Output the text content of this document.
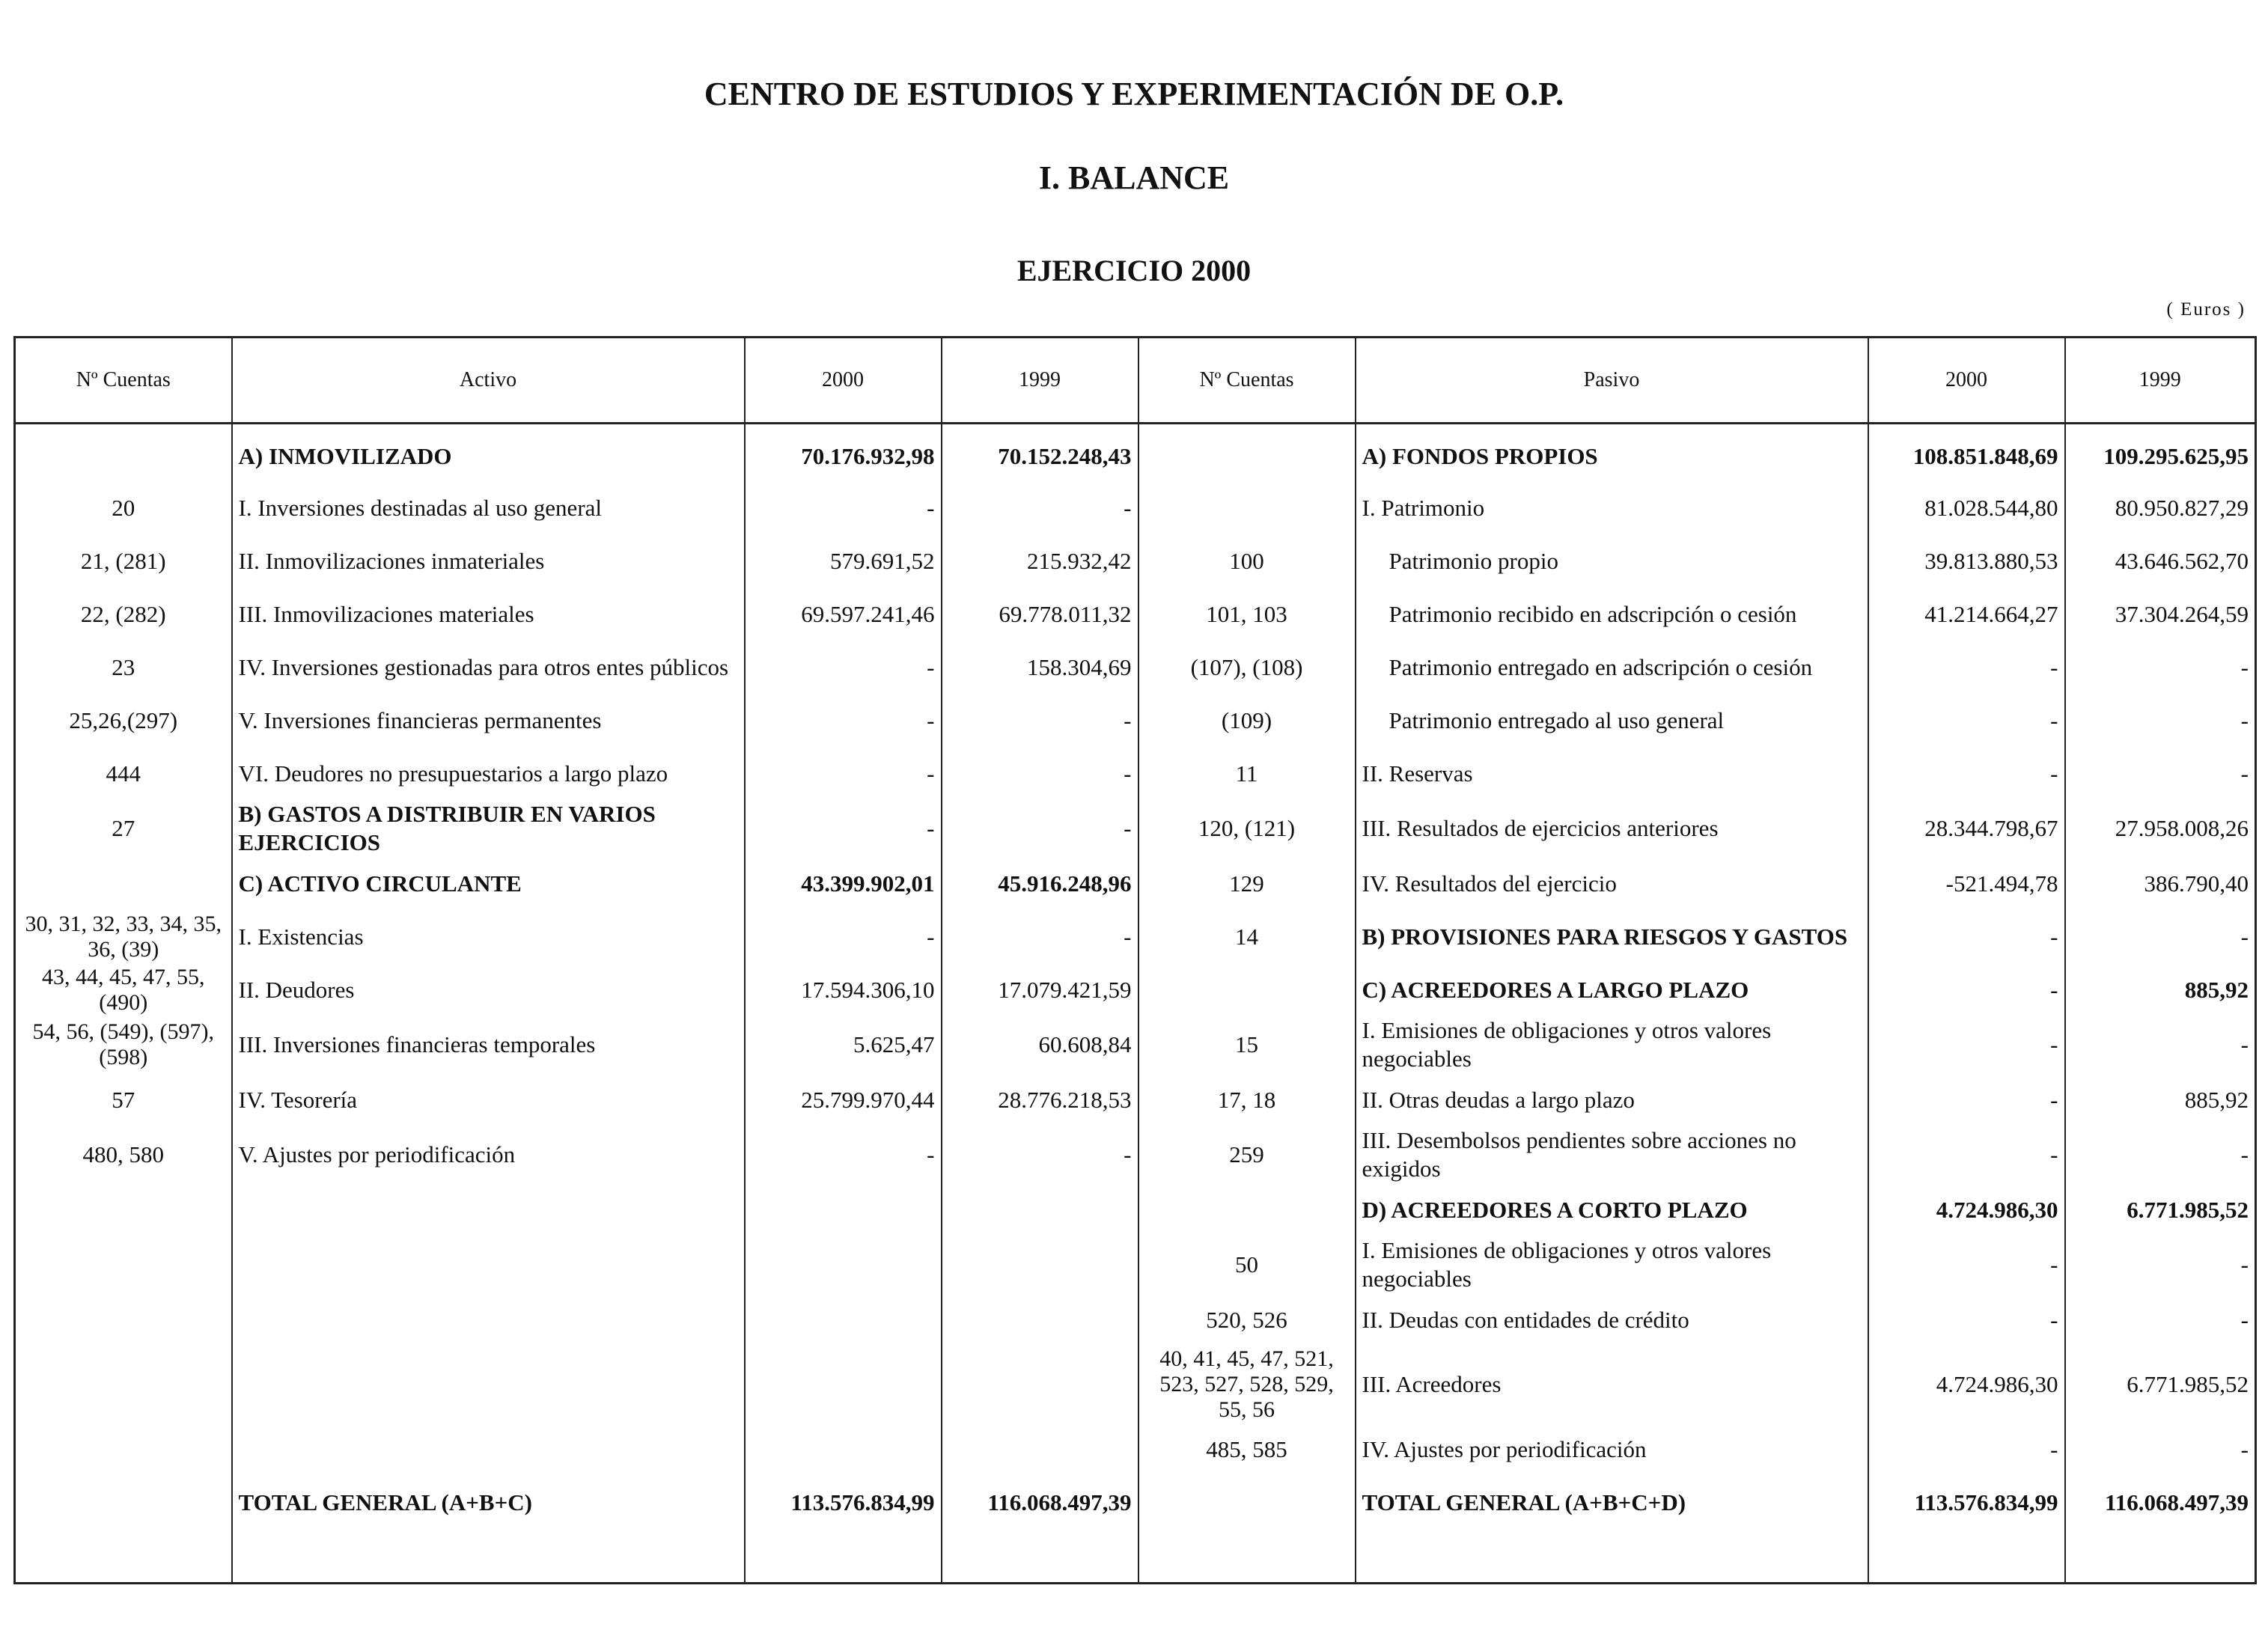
CENTRO DE ESTUDIOS Y EXPERIMENTACIÓN DE O.P.
I. BALANCE
EJERCICIO 2000
( Euros )
Nº Cuentas	Activo	2000	1999	Nº Cuentas	Pasivo	2000	1999
	A) INMOVILIZADO	70.176.932,98	70.152.248,43		A) FONDOS PROPIOS	108.851.848,69	109.295.625,95
20	I. Inversiones destinadas al uso general	-	-		I. Patrimonio	81.028.544,80	80.950.827,29
21, (281)	II. Inmovilizaciones inmateriales	579.691,52	215.932,42	100	Patrimonio propio	39.813.880,53	43.646.562,70
22, (282)	III. Inmovilizaciones materiales	69.597.241,46	69.778.011,32	101, 103	Patrimonio recibido en adscripción o cesión	41.214.664,27	37.304.264,59
23	IV. Inversiones gestionadas para otros entes públicos	-	158.304,69	(107), (108)	Patrimonio entregado en adscripción o cesión	-	-
25,26,(297)	V. Inversiones financieras permanentes	-	-	(109)	Patrimonio entregado al uso general	-	-
444	VI. Deudores no presupuestarios a largo plazo	-	-	11	II. Reservas	-	-
27	B) GASTOS A DISTRIBUIR EN VARIOS EJERCICIOS	-	-	120, (121)	III. Resultados de ejercicios anteriores	28.344.798,67	27.958.008,26
	C) ACTIVO CIRCULANTE	43.399.902,01	45.916.248,96	129	IV. Resultados del ejercicio	-521.494,78	386.790,40
30, 31, 32, 33, 34, 35, 36, (39)	I. Existencias	-	-	14	B) PROVISIONES PARA RIESGOS Y GASTOS	-	-
43, 44, 45, 47, 55, (490)	II. Deudores	17.594.306,10	17.079.421,59		C) ACREEDORES A LARGO PLAZO	-	885,92
54, 56, (549), (597), (598)	III. Inversiones financieras temporales	5.625,47	60.608,84	15	I. Emisiones de obligaciones y otros valores negociables	-	-
57	IV. Tesorería	25.799.970,44	28.776.218,53	17, 18	II. Otras deudas a largo plazo	-	885,92
480, 580	V. Ajustes por periodificación	-	-	259	III. Desembolsos pendientes sobre acciones no exigidos	-	-
					D) ACREEDORES A CORTO PLAZO	4.724.986,30	6.771.985,52
				50	I. Emisiones de obligaciones y otros valores negociables	-	-
				520, 526	II. Deudas con entidades de crédito	-	-
				40, 41, 45, 47, 521, 523, 527, 528, 529, 55, 56	III. Acreedores	4.724.986,30	6.771.985,52
				485, 585	IV. Ajustes por periodificación	-	-
	TOTAL GENERAL (A+B+C)	113.576.834,99	116.068.497,39		TOTAL GENERAL (A+B+C+D)	113.576.834,99	116.068.497,39
